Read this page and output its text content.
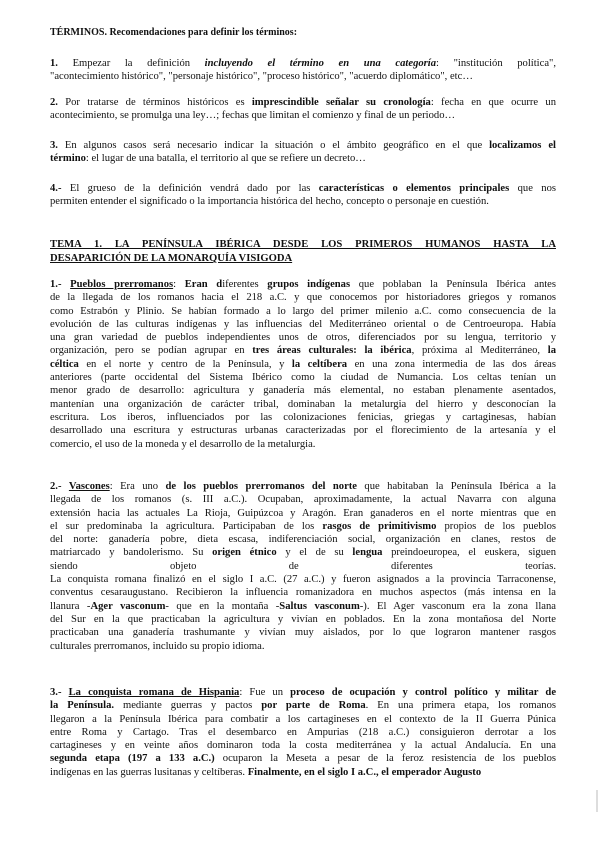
TÉRMINOS. Recomendaciones para definir los términos:
1. Empezar la definición incluyendo el término en una categoría: "institución política",
"acontecimiento histórico", "personaje histórico", "proceso histórico", "acuerdo diplomático", etc…
2. Por tratarse de términos históricos es imprescindible señalar su cronología: fecha en que ocurre un
acontecimiento, se promulga una ley…; fechas que limitan el comienzo y final de un periodo…
3. En algunos casos será necesario indicar la situación o el ámbito geográfico en el que localizamos el
término: el lugar de una batalla, el territorio al que se refiere un decreto…
4.- El grueso de la definición vendrá dado por las características o elementos principales que nos
permiten entender el significado o la importancia histórica del hecho, concepto o personaje en cuestión.
TEMA 1. LA PENÍNSULA IBÉRICA DESDE LOS PRIMEROS HUMANOS HASTA LA
DESAPARICIÓN DE LA MONARQUÍA VISIGODA
1.- Pueblos prerromanos: Eran diferentes grupos indígenas que poblaban la Península Ibérica antes
de la llegada de los romanos hacia el 218 a.C. y que conocemos por historiadores griegos y romanos
como Estrabón y Plinio. Se habían formado a lo largo del primer milenio a.C. como consecuencia de la
evolución de las culturas indígenas y las influencias del Mediterráneo oriental o de Centroeuropa. Había
una gran variedad de pueblos independientes unos de otros, diferenciados por su lengua, territorio y
organización, pero se podían agrupar en tres áreas culturales: la ibérica, próxima al Mediterráneo, la
céltica en el norte y centro de la Península, y la celtíbera en una zona intermedia de las dos áreas
anteriores (parte occidental del Sistema Ibérico como la ciudad de Numancia. Los celtas tenían un
menor grado de desarrollo: agricultura y ganadería más elemental, no estaban plenamente asentados,
mantenían una organización de carácter tribal, dominaban la metalurgia del hierro y desconocían la
escritura. Los iberos, influenciados por las colonizaciones fenicias, griegas y cartaginesas, habían
desarrollado una escritura y estructuras urbanas caracterizadas por el florecimiento de la artesanía y el
comercio, el uso de la moneda y el desarrollo de la metalurgia.
2.- Vascones: Era uno de los pueblos prerromanos del norte que habitaban la Península Ibérica a la
llegada de los romanos (s. III a.C.). Ocupaban, aproximadamente, la actual Navarra con alguna
extensión hacia las actuales La Rioja, Guipúzcoa y Aragón. Eran ganaderos en el norte mientras que en
el sur predominaba la agricultura. Participaban de los rasgos de primitivismo propios de los pueblos
del norte: ganadería pobre, dieta escasa, indiferenciación social, organización en clanes, restos de
matriarcado y bandolerismo. Su origen étnico y el de su lengua preindoeuropea, el euskera, siguen
siendo objeto de diferentes teorías.
La conquista romana finalizó en el siglo I a.C. (27 a.C.) y fueron asignados a la provincia Tarraconense,
conventus cesaraugustano. Recibieron la influencia romanizadora en muchos aspectos (más intensa en la
llanura -Ager vasconum- que en la montaña -Saltus vasconum-). El Ager vasconum era la zona llana
del Sur en la que practicaban la agricultura y vivían en poblados. En la zona montañosa del Norte
practicaban una ganadería trashumante y vivían muy aislados, por lo que lograron mantener rasgos
culturales prerromanos, incluido su propio idioma.
3.- La conquista romana de Hispania: Fue un proceso de ocupación y control político y militar de
la Península. mediante guerras y pactos por parte de Roma. En una primera etapa, los romanos
llegaron a la Península Ibérica para combatir a los cartagineses en el contexto de la II Guerra Púnica
entre Roma y Cartago. Tras el desembarco en Ampurias (218 a.C.) consiguieron derrotar a los
cartagineses y en veinte años dominaron toda la costa mediterránea y la actual Andalucía. En una
segunda etapa (197 a 133 a.C.) ocuparon la Meseta a pesar de la feroz resistencia de los pueblos
indígenas en las guerras lusitanas y celtíberas. Finalmente, en el siglo I a.C., el emperador Augusto
